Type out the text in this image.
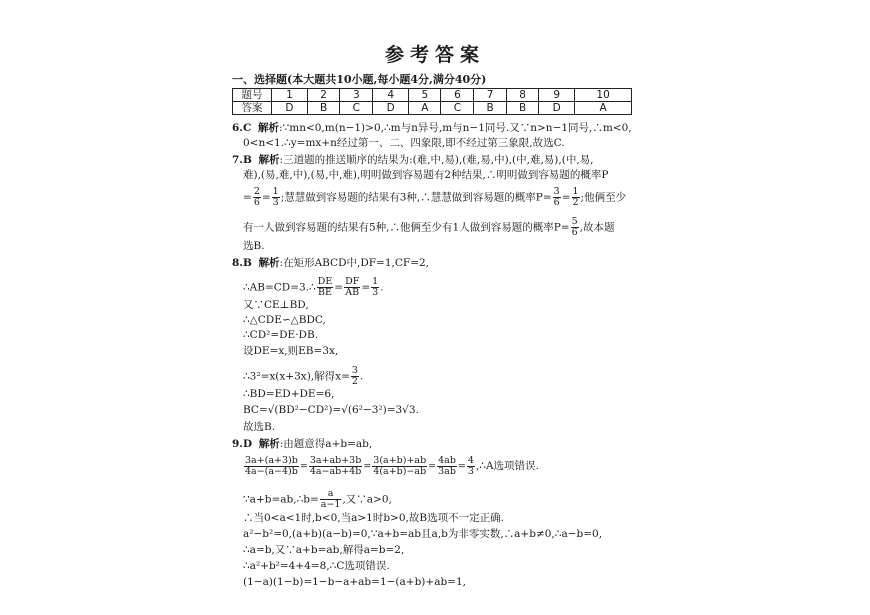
参考答案
一、选择题(本大题共10小题,每小题4分,满分40分)
题号	1	2	3	4	5	6	7	8	9	10
答案	D	B	C	D	A	C	B	B	D	A
6.C 解析:∵mn<0,m(n−1)>0,∴m与n异号,m与n−1同号.又∵n>n−1同号,∴m<0,
0<n<1.∴y=mx+n经过第一、二、四象限,即不经过第三象限,故选C.
7.B 解析:三道题的推送顺序的结果为:(难,中,易),(难,易,中),(中,难,易),(中,易,
难),(易,难,中),(易,中,难),明明做到容易题有2种结果,∴明明做到容易题的概率P
= $\frac{2}{6} = \frac{1}{3}$ ;慧慧做到容易题的结果有3种,∴慧慧做到容易题的概率$P= \frac{3}{6} = \frac{1}{2}$ ;他俩至少
有一人做到容易题的结果有5种,∴他俩至少有1人做到容易题的概率$P= \frac{5}{6}$ ,故本题
选B.
8.B 解析:在矩形ABCD中,DF=1,CF=2,
∴AB=CD=3.∴ $\frac{DE}{BE} = \frac{DF}{AB} = \frac{1}{3}$ .
又∵CE⊥BD,
∴△CDE∽△BDC,
∴CD²=DE·DB.
设DE=x,则EB=3x,
∴3²=x(x+3x),解得$x= \frac{3}{2}$ .
∴BD=ED+DE=6,
BC=√(BD²−CD²)=√(6²−3²)=3√3.
故选B.
9.D 解析:由题意得a+b=ab,
$\frac{3a+(a+3)b}{4a-(a-4)b} = \frac{3a+ab+3b}{4a-ab+4b} = \frac{3(a+b)+ab}{4(a+b)-ab} = \frac{4ab}{3ab} = \frac{4}{3}$ ,∴A选项错误.
∵a+b=ab,∴b= $\frac{a}{a-1}$ ,又∵a>0,
∴当0<a<1时,b<0,当a>1时b>0,故B选项不一定正确.
a²−b²=0,(a+b)(a−b)=0,∵a+b=ab且a,b为非零实数,∴a+b≠0,∴a−b=0,
∴a=b,又∵a+b=ab,解得a=b=2,
∴a²+b²=4+4=8,∴C选项错误.
(1−a)(1−b)=1−b−a+ab=1−(a+b)+ab=1,
